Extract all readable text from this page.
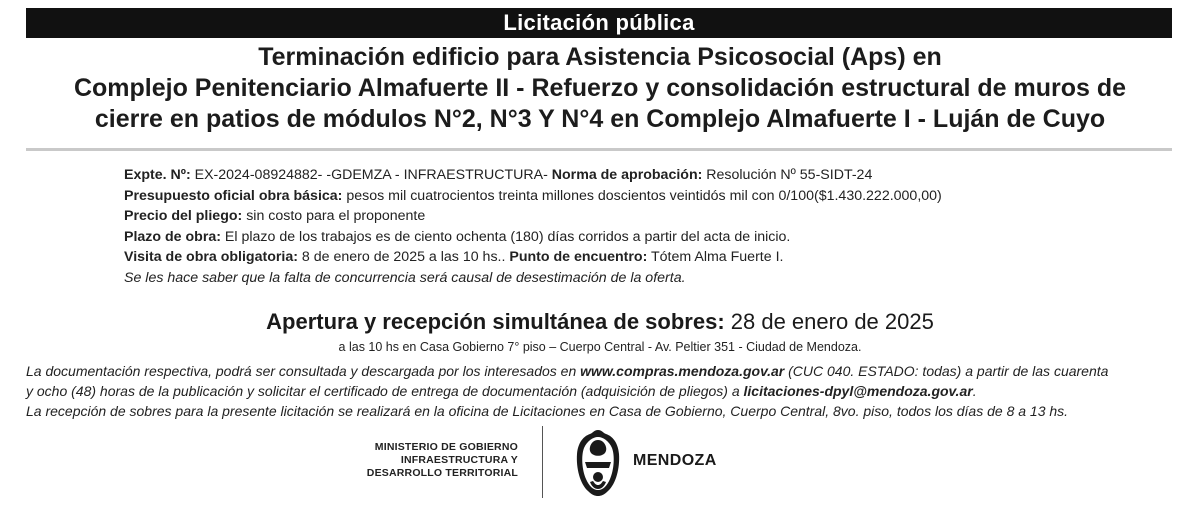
Licitación pública
Terminación edificio para Asistencia Psicosocial (Aps) en
Complejo Penitenciario Almafuerte II - Refuerzo y consolidación estructural de muros de
cierre en patios de módulos N°2, N°3 Y N°4 en Complejo Almafuerte I - Luján de Cuyo
Expte. Nº: EX-2024-08924882- -GDEMZA - INFRAESTRUCTURA- Norma de aprobación: Resolución Nº 55-SIDT-24
Presupuesto oficial obra básica: pesos mil cuatrocientos treinta millones doscientos veintidós mil con 0/100($1.430.222.000,00)
Precio del pliego: sin costo para el proponente
Plazo de obra: El plazo de los trabajos es de ciento ochenta (180) días corridos a partir del acta de inicio.
Visita de obra obligatoria: 8 de enero de 2025 a las 10 hs.. Punto de encuentro: Tótem Alma Fuerte I.
Se les hace saber que la falta de concurrencia será causal de desestimación de la oferta.
Apertura y recepción simultánea de sobres: 28 de enero de 2025
a las 10 hs en Casa Gobierno 7° piso – Cuerpo Central - Av. Peltier 351 - Ciudad de Mendoza.
La documentación respectiva, podrá ser consultada y descargada por los interesados en www.compras.mendoza.gov.ar (CUC 040. ESTADO: todas) a partir de las cuarenta
y ocho (48) horas de la publicación y solicitar el certificado de entrega de documentación (adquisición de pliegos) a licitaciones-dpyl@mendoza.gov.ar.
La recepción de sobres para la presente licitación se realizará en la oficina de Licitaciones en Casa de Gobierno, Cuerpo Central, 8vo. piso, todos los días de 8 a 13 hs.
MINISTERIO DE GOBIERNO
INFRAESTRUCTURA Y
DESARROLLO TERRITORIAL
MENDOZA
